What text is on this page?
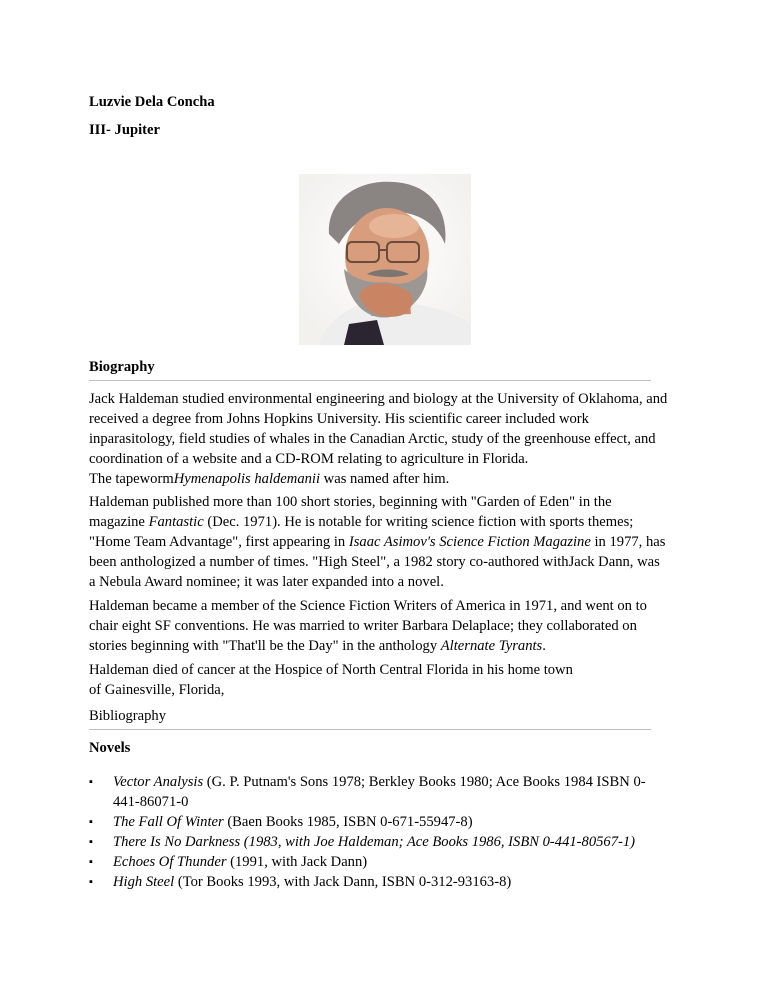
Luzvie Dela Concha
III- Jupiter
Biography

Jack Haldeman studied environmental engineering and biology at the University of Oklahoma, and received a degree from Johns Hopkins University. His scientific career included work inparasitology, field studies of whales in the Canadian Arctic, study of the greenhouse effect, and coordination of a website and a CD-ROM relating to agriculture in Florida.
The tapewormHymenapolis haldemanii was named after him.

Haldeman published more than 100 short stories, beginning with "Garden of Eden" in the magazine Fantastic (Dec. 1971). He is notable for writing science fiction with sports themes; "Home Team Advantage", first appearing in Isaac Asimov's Science Fiction Magazine in 1977, has been anthologized a number of times. "High Steel", a 1982 story co-authored withJack Dann, was a Nebula Award nominee; it was later expanded into a novel.

Haldeman became a member of the Science Fiction Writers of America in 1971, and went on to chair eight SF conventions. He was married to writer Barbara Delaplace; they collaborated on stories beginning with "That'll be the Day" in the anthology Alternate Tyrants.

Haldeman died of cancer at the Hospice of North Central Florida in his home town
of Gainesville, Florida,

Bibliography
Novels
▪ Vector Analysis (G. P. Putnam's Sons 1978; Berkley Books 1980; Ace Books 1984 ISBN 0-441-86071-0
▪ The Fall Of Winter (Baen Books 1985, ISBN 0-671-55947-8)
▪ There Is No Darkness (1983, with Joe Haldeman; Ace Books 1986, ISBN 0-441-80567-1)
▪ Echoes Of Thunder (1991, with Jack Dann)
▪ High Steel (Tor Books 1993, with Jack Dann, ISBN 0-312-93163-8)
